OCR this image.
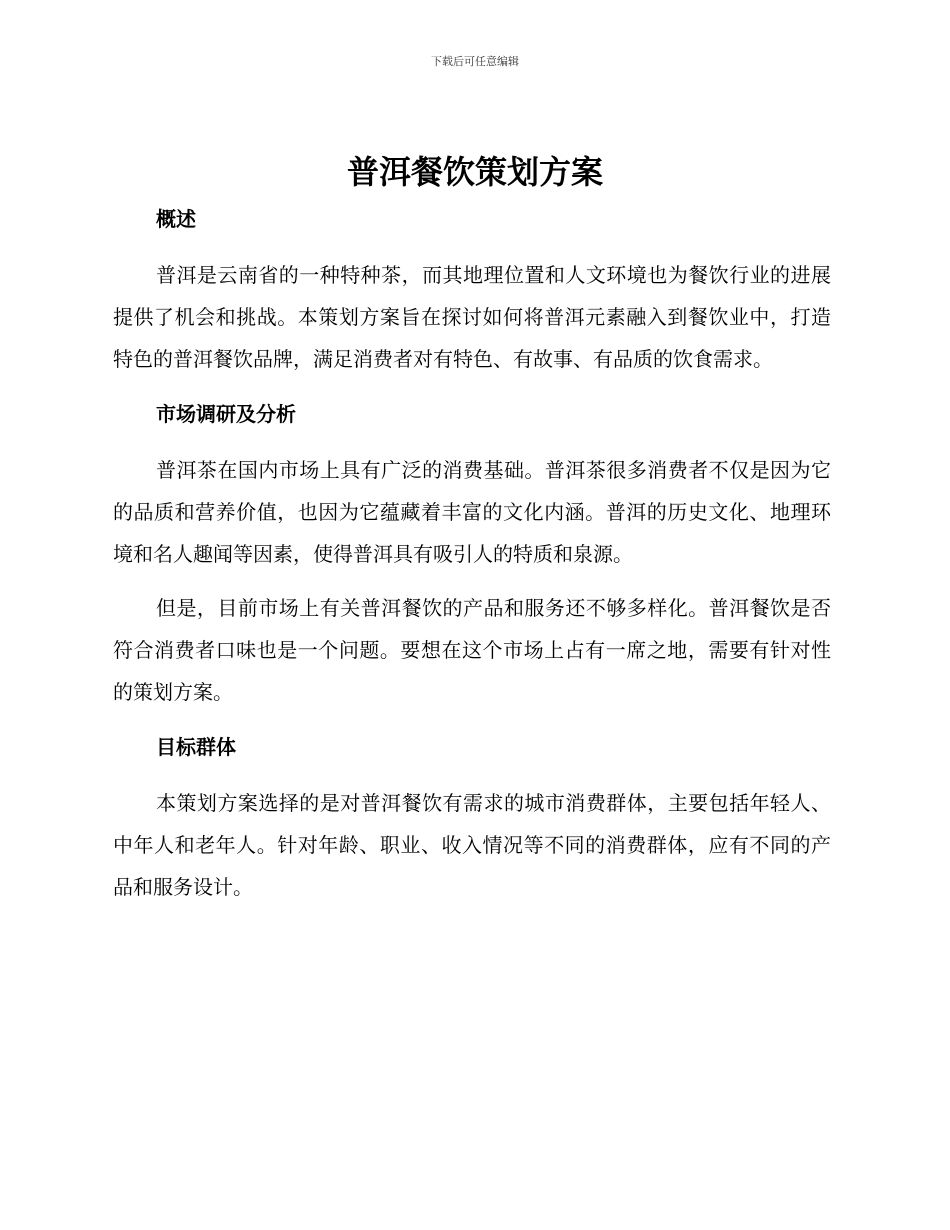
下载后可任意编辑
普洱餐饮策划方案
概述

普洱是云南省的一种特种茶，而其地理位置和人文环境也为餐饮行业的进展提供了机会和挑战。本策划方案旨在探讨如何将普洱元素融入到餐饮业中，打造特色的普洱餐饮品牌，满足消费者对有特色、有故事、有品质的饮食需求。

市场调研及分析

普洱茶在国内市场上具有广泛的消费基础。普洱茶很多消费者不仅是因为它的品质和营养价值，也因为它蕴藏着丰富的文化内涵。普洱的历史文化、地理环境和名人趣闻等因素，使得普洱具有吸引人的特质和泉源。

但是，目前市场上有关普洱餐饮的产品和服务还不够多样化。普洱餐饮是否符合消费者口味也是一个问题。要想在这个市场上占有一席之地，需要有针对性的策划方案。

目标群体

本策划方案选择的是对普洱餐饮有需求的城市消费群体，主要包括年轻人、中年人和老年人。针对年龄、职业、收入情况等不同的消费群体，应有不同的产品和服务设计。
